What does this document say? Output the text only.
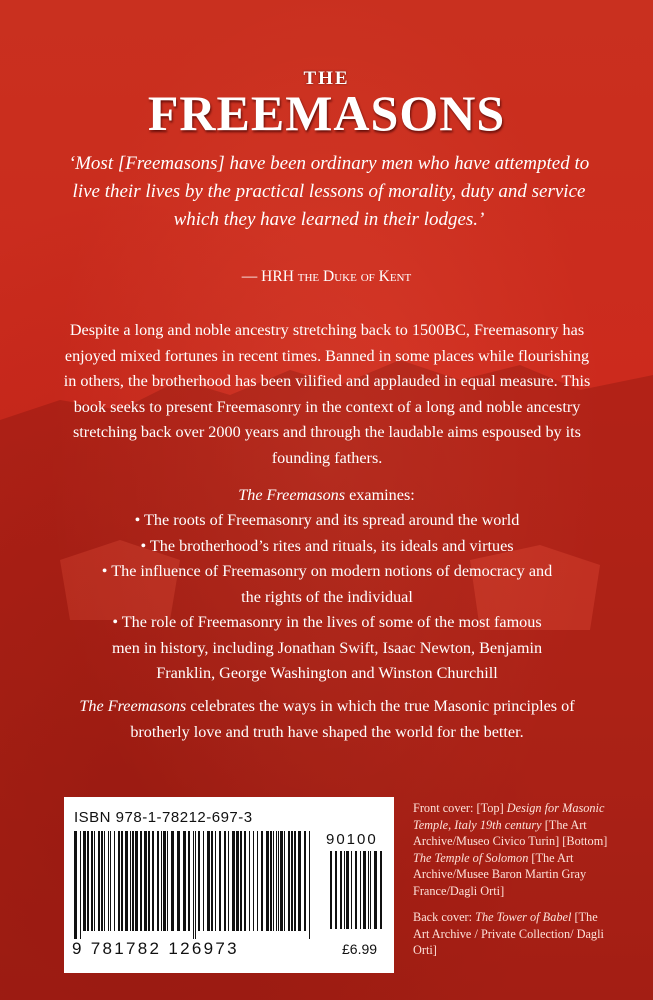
THE
FREEMASONS
‘Most [Freemasons] have been ordinary men who have attempted to live their lives by the practical lessons of morality, duty and service which they have learned in their lodges.’
— HRH the Duke of Kent
Despite a long and noble ancestry stretching back to 1500BC, Freemasonry has enjoyed mixed fortunes in recent times. Banned in some places while flourishing in others, the brotherhood has been vilified and applauded in equal measure. This book seeks to present Freemasonry in the context of a long and noble ancestry stretching back over 2000 years and through the laudable aims espoused by its founding fathers.
The Freemasons examines:
• The roots of Freemasonry and its spread around the world
• The brotherhood’s rites and rituals, its ideals and virtues
• The influence of Freemasonry on modern notions of democracy and the rights of the individual
• The role of Freemasonry in the lives of some of the most famous men in history, including Jonathan Swift, Isaac Newton, Benjamin Franklin, George Washington and Winston Churchill
The Freemasons celebrates the ways in which the true Masonic principles of brotherly love and truth have shaped the world for the better.
ISBN 978-1-78212-697-3
90100
9 781782 126973	£6.99

Front cover: [Top] Design for Masonic Temple, Italy 19th century [The Art Archive/Museo Civico Turin] [Bottom] The Temple of Solomon [The Art Archive/Musee Baron Martin Gray France/Dagli Orti]

Back cover: The Tower of Babel [The Art Archive / Private Collection/ Dagli Orti]
